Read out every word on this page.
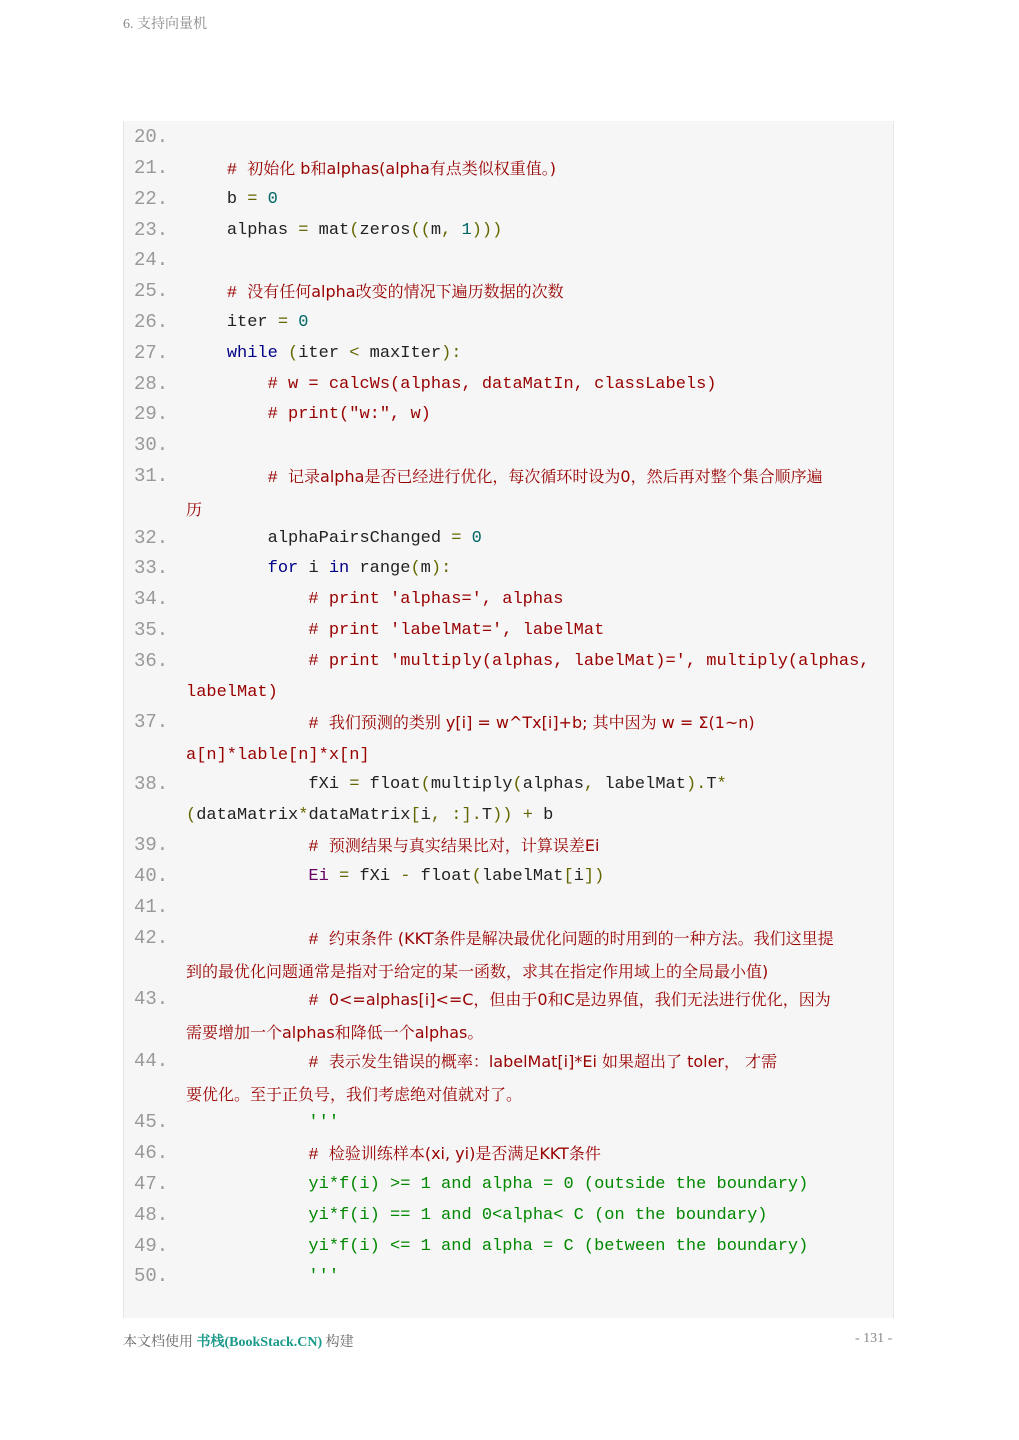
6. 支持向量机
20.
21.	# 初始化 b和alphas(alpha有点类似权重值。)
22.	b = 0
23.	alphas = mat(zeros((m, 1)))
24.
25.	# 没有任何alpha改变的情况下遍历数据的次数
26.	iter = 0
27.	while (iter < maxIter):
28.	# w = calcWs(alphas, dataMatIn, classLabels)
29.	# print("w:", w)
30.
31.	# 记录alpha是否已经进行优化，每次循环时设为0，然后再对整个集合顺序遍
历
32.	alphaPairsChanged = 0
33.	for i in range(m):
34.	# print 'alphas=', alphas
35.	# print 'labelMat=', labelMat
36.	# print 'multiply(alphas, labelMat)=', multiply(alphas,
labelMat)
37.	# 我们预测的类别 y[i] = w^Tx[i]+b; 其中因为 w = Σ(1~n)
a[n]*lable[n]*x[n]
38.	fXi = float(multiply(alphas, labelMat).T*
(dataMatrix*dataMatrix[i, :].T)) + b
39.	# 预测结果与真实结果比对，计算误差Ei
40.	Ei = fXi - float(labelMat[i])
41.
42.	# 约束条件 (KKT条件是解决最优化问题的时用到的一种方法。我们这里提
到的最优化问题通常是指对于给定的某一函数，求其在指定作用域上的全局最小值)
43.	# 0<=alphas[i]<=C，但由于0和C是边界值，我们无法进行优化，因为
需要增加一个alphas和降低一个alphas。
44.	# 表示发生错误的概率：labelMat[i]*Ei 如果超出了 toler， 才需
要优化。至于正负号，我们考虑绝对值就对了。
45.	'''
46.	# 检验训练样本(xi, yi)是否满足KKT条件
47.	yi*f(i) >= 1 and alpha = 0 (outside the boundary)
48.	yi*f(i) == 1 and 0<alpha< C (on the boundary)
49.	yi*f(i) <= 1 and alpha = C (between the boundary)
50.	'''
本文档使用 书栈(BookStack.CN) 构建	- 131 -
